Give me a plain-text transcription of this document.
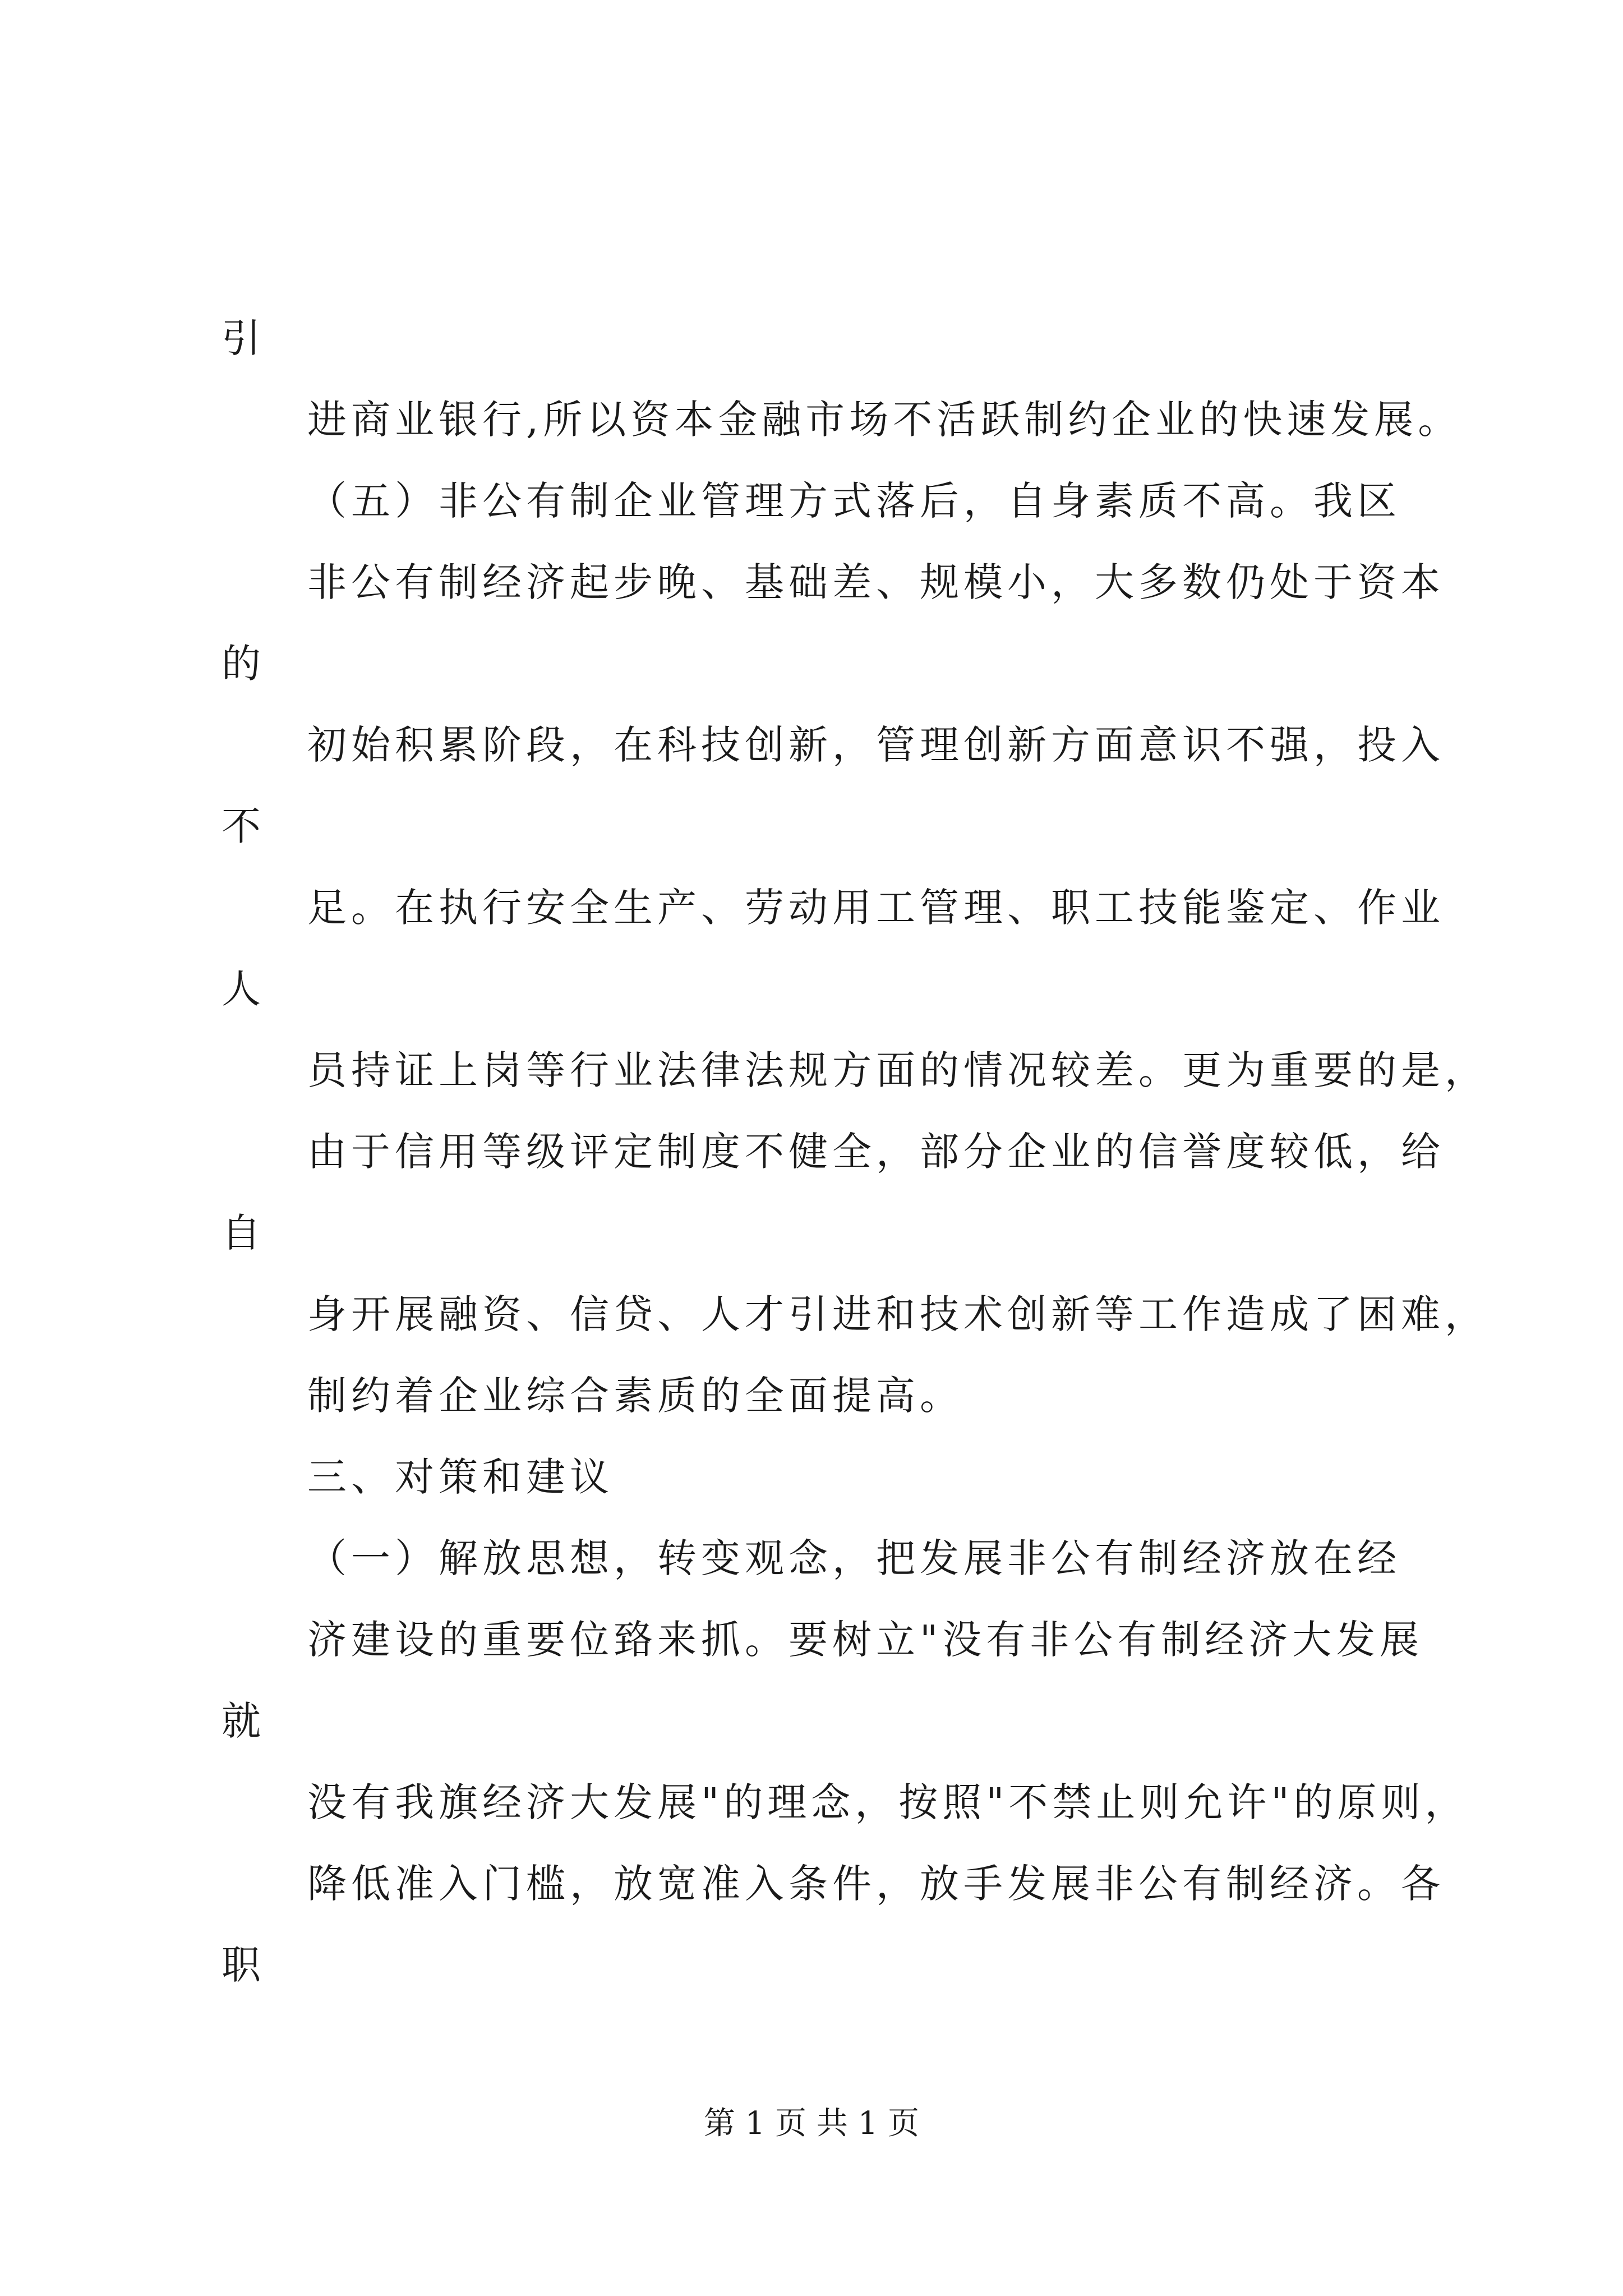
引
进商业银行,所以资本金融市场不活跃制约企业的快速发展。
（五）非公有制企业管理方式落后，自身素质不高。我区
非公有制经济起步晚、基础差、规模小，大多数仍处于资本
的
初始积累阶段，在科技创新，管理创新方面意识不强，投入
不
足。在执行安全生产、劳动用工管理、职工技能鉴定、作业
人
员持证上岗等行业法律法规方面的情况较差。更为重要的是，
由于信用等级评定制度不健全，部分企业的信誉度较低，给
自
身开展融资、信贷、人才引进和技术创新等工作造成了困难，
制约着企业综合素质的全面提高。
三、对策和建议
（一）解放思想，转变观念，把发展非公有制经济放在经
济建设的重要位臵来抓。要树立"没有非公有制经济大发展
就
没有我旗经济大发展"的理念，按照"不禁止则允许"的原则，
降低准入门槛，放宽准入条件，放手发展非公有制经济。各
职
第 1 页 共 1 页
